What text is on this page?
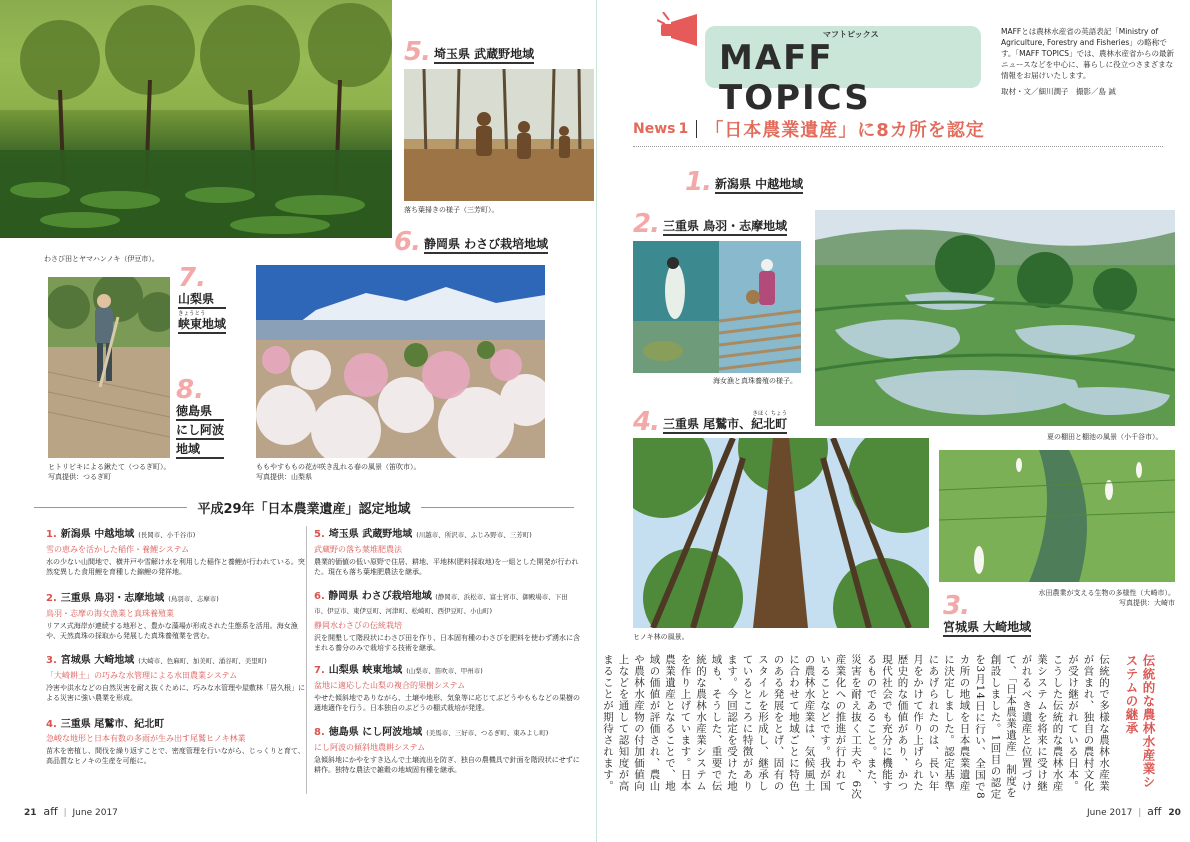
わさび田とヤマハンノキ（伊豆市）。
5. 埼玉県 武蔵野地域
落ち葉掃きの様子（三芳町）。
6. 静岡県 わさび栽培地域
7.
山梨県
きょうとう
峡東地域
8.
徳島県
にし阿波
地域
ヒトリビキによる鍬たて（つるぎ町）。
写真提供：つるぎ町
ももやすももの花が咲き乱れる春の風景（笛吹市）。
写真提供：山梨県
平成29年「日本農業遺産」認定地域
1. 新潟県 中越地域 (長岡市、小千谷市)
雪の恵みを活かした稲作・養鯉システム
水の少ない山間地で、横井戸や雪解け水を利用した稲作と養鯉が行われている。突然変異した食用鯉を育種した錦鯉の発祥地。
2. 三重県 鳥羽・志摩地域 (鳥羽市、志摩市)
鳥羽・志摩の海女漁業と真珠養殖業
リアス式海岸が連続する地形と、豊かな藻場が形成された生態系を活用。海女漁や、天然真珠の採取から発展した真珠養殖業を営む。
3. 宮城県 大崎地域 (大崎市、色麻町、加美町、涌谷町、美里町)
「大崎耕土」の巧みな水管理による水田農業システム
冷害や洪水などの自然災害を耐え抜くために、巧みな水管理や屋敷林「居久根」による災害に強い農業を形成。
4. 三重県 尾鷲市、紀北町
急峻な地形と日本有数の多雨が生み出す尾鷲ヒノキ林業
苗木を密植し、間伐を繰り返すことで、密度管理を行いながら、じっくりと育て、高品質なヒノキの生産を可能に。
5. 埼玉県 武蔵野地域 (川越市、所沢市、ふじみ野市、三芳町)
武蔵野の落ち葉堆肥農法
農業的価値の低い原野で住居、耕地、平地林(肥料採取地)を一組とした開発が行われた。現在も落ち葉堆肥農法を継承。
6. 静岡県 わさび栽培地域 (静岡市、浜松市、富士宮市、御殿場市、下田市、伊豆市、東伊豆町、河津町、松崎町、西伊豆町、小山町)
静岡水わさびの伝統栽培
沢を開墾して階段状にわさび田を作り、日本固有種のわさびを肥料を使わず湧水に含まれる養分のみで栽培する技術を継承。
7. 山梨県 峡東地域 (山梨市、笛吹市、甲州市)
盆地に適応した山梨の複合的果樹システム
やせた傾斜地でありながら、土壌や地形、気象等に応じてぶどうやももなどの果樹の適地適作を行う。日本独自のぶどうの棚式栽培が発達。
8. 徳島県 にし阿波地域 (美馬市、三好市、つるぎ町、東みよし町)
にし阿波の傾斜地農耕システム
急傾斜地にかやをすき込んで土壌流出を防ぎ、独自の農機具で針面を階段状にせずに耕作。独特な農法で雑穀の地域固有種を継承。
21 aff | June 2017
マフトピックス
MAFF TOPICS
MAFFとは農林水産省の英語表記「Ministry of Agriculture, Forestry and Fisheries」の略称です。「MAFF TOPICS」では、農林水産省からの最新ニュースなどを中心に、暮らしに役立つさまざまな情報をお届けいたします。
取材・文／細川潤子　撮影／島 誠
News 1 「日本農業遺産」に8カ所を認定
1. 新潟県 中越地域
2. 三重県 鳥羽・志摩地域
海女漁と真珠養殖の様子。
夏の棚田と棚池の風景（小千谷市）。
4.	きほく ちょう
三重県 尾鷲市、紀北町
ヒノキ林の風景。
水田農業が支える生物の多様性（大崎市）。
写真提供：大崎市
3.
宮城県 大崎地域
伝統的な農林水産業システムの継承
伝統的で多様な農林水産業が営まれ、独自の農村文化が受け継がれている日本。こうした伝統的な農林水産業システムを将来に受け継がれるべき遺産と位置づけて、「日本農業遺産」制度を創設しました。1回目の認定を3月14日に行い、全国で8カ所の地域を日本農業遺産に決定しました。認定基準にあげられたのは、長い年月をかけて作り上げられた歴史的な価値があり、かつ現代社会でも充分に機能するものであること。また、災害を耐え抜く工夫や、6次産業化への推進が行われていることなどです。我が国の農林水産業は、気候風土に合わせて地域ごとに特色のある発展をとげ、固有のスタイルを形成し、継承しているところに特徴があります。今回認定を受けた地域も、そうした、重要で伝統的な農林水産業システムを作り上げています。日本農業遺産となることで、地域の価値が評価され、農山や農林水産物の付加価値向上などを通して認知度が高まることが期待されます。
June 2017 | aff 20
